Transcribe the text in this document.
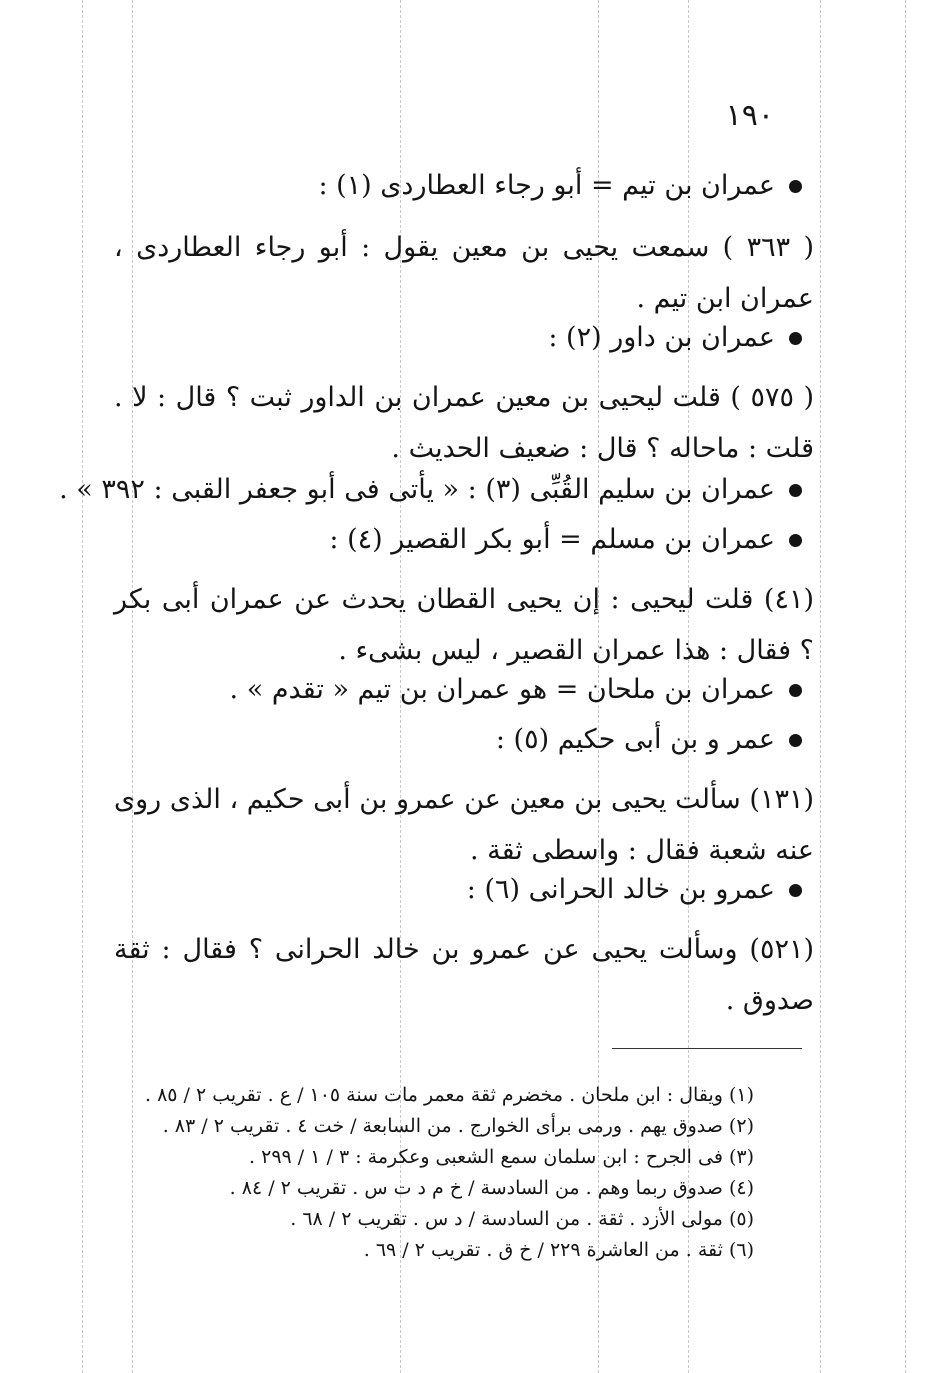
١٩٠
عمران بن تيم = أبو رجاء العطاردى (١) :
( ٣٦٣ ) سمعت يحيى بن معين يقول : أبو رجاء العطاردى ، عمران ابن تيم .
عمران بن داور (٢) :
( ٥٧٥ ) قلت ليحيى بن معين عمران بن الداور ثبت ؟ قال : لا . قلت : ماحاله ؟ قال : ضعيف الحديث .
عمران بن سليم القُبِّى (٣) : « يأتى فى أبو جعفر القبى : ٣٩٢ » .
عمران بن مسلم = أبو بكر القصير (٤) :
(٤١) قلت ليحيى : إن يحيى القطان يحدث عن عمران أبى بكر ؟ فقال : هذا عمران القصير ، ليس بشىء .
عمران بن ملحان = هو عمران بن تيم « تقدم » .
عمر و بن أبى حكيم (٥) :
(١٣١) سألت يحيى بن معين عن عمرو بن أبى حكيم ، الذى روى عنه شعبة فقال : واسطى ثقة .
عمرو بن خالد الحرانى (٦) :
(٥٢١) وسألت يحيى عن عمرو بن خالد الحرانى ؟ فقال : ثقة صدوق .
(١) ويقال : ابن ملحان . مخضرم ثقة معمر مات سنة ١٠٥ / ع . تقريب ٢ / ٨٥ .
(٢) صدوق يهم . ورمى برأى الخوارج . من السابعة / خت ٤ . تقريب ٢ / ٨٣ .
(٣) فى الجرح : ابن سلمان سمع الشعبى وعكرمة : ٣ / ١ / ٢٩٩ .
(٤) صدوق ربما وهم . من السادسة / خ م د ت س . تقريب ٢ / ٨٤ .
(٥) مولى الأزد . ثقة . من السادسة / د س . تقريب ٢ / ٦٨ .
(٦) ثقة . من العاشرة ٢٢٩ / خ ق . تقريب ٢ / ٦٩ .
